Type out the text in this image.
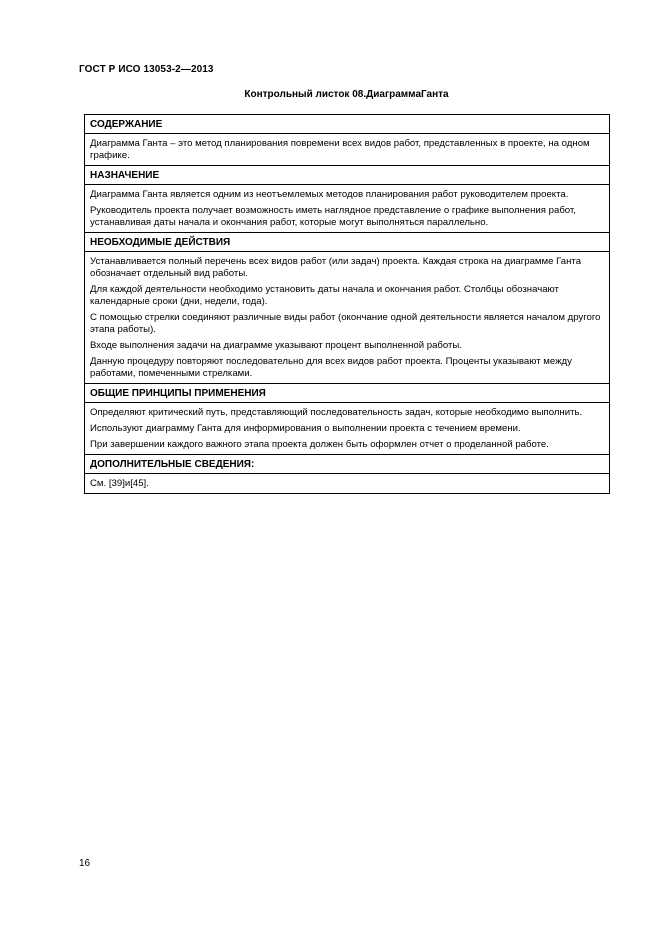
ГОСТ Р ИСО 13053-2—2013
Контрольный листок 08.ДиаграммаГанта
СОДЕРЖАНИЕ

Диаграмма Ганта – это метод планирования повремени всех видов работ, представленных в проекте, на одном графике.

НАЗНАЧЕНИЕ

Диаграмма Ганта является одним из неотъемлемых методов планирования работ руководителем проекта.

Руководитель проекта получает возможность иметь наглядное представление о графике выполнения работ, устанавливая даты начала и окончания работ, которые могут выполняться параллельно.

НЕОБХОДИМЫЕ ДЕЙСТВИЯ

Устанавливается полный перечень всех видов работ (или задач) проекта. Каждая строка на диаграмме Ганта обозначает отдельный вид работы.

Для каждой деятельности необходимо установить даты начала и окончания работ. Столбцы обозначают календарные сроки (дни, недели, года).

С помощью стрелки соединяют различные виды работ (окончание одной деятельности является началом другого этапа работы).

Входе выполнения задачи на диаграмме указывают процент выполненной работы.

Данную процедуру повторяют последовательно для всех видов работ проекта. Проценты указывают между работами, помеченными стрелками.

ОБЩИЕ ПРИНЦИПЫ ПРИМЕНЕНИЯ

Определяют критический путь, представляющий последовательность задач, которые необходимо выполнить.

Используют диаграмму Ганта для информирования о выполнении проекта с течением времени.

При завершении каждого важного этапа проекта должен быть оформлен отчет о проделанной работе.

ДОПОЛНИТЕЛЬНЫЕ СВЕДЕНИЯ:

См. [39]и[45].

16
